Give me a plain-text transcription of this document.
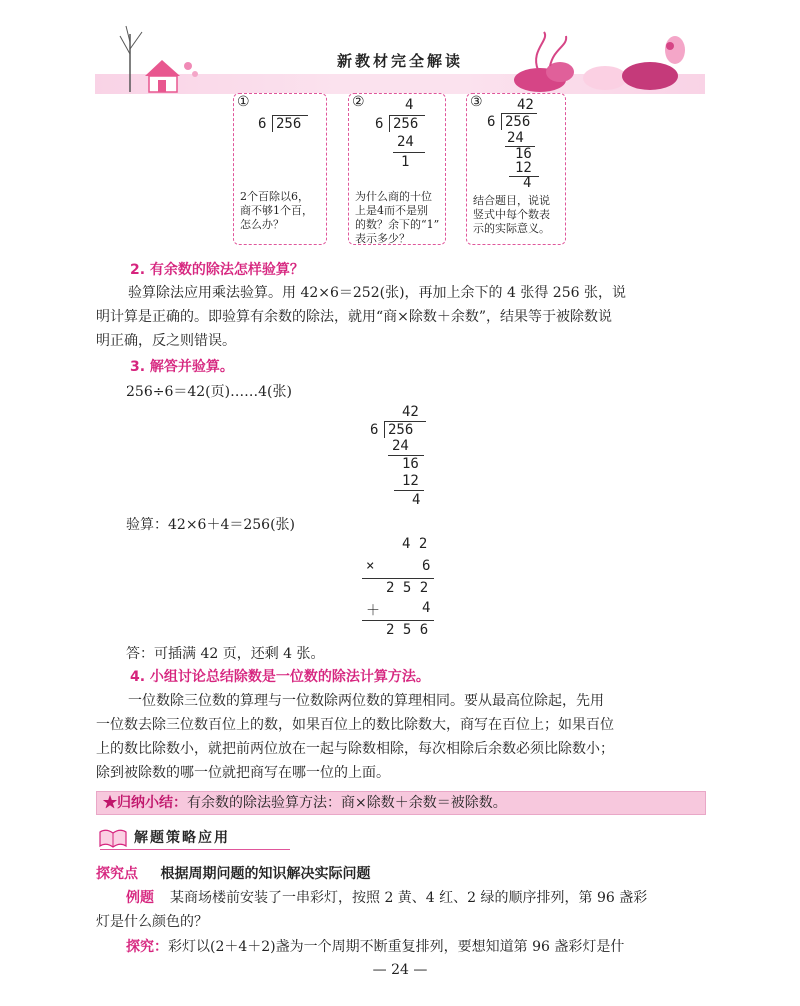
新教材完全解读
①
6 256
2个百除以6，
商不够1个百，
怎么办？
②	4
6 256
24
1
为什么商的十位
上是4而不是别
的数？余下的“1”
表示多少？
③ 42
6 256
24
16
12
4
结合题目，说说
竖式中每个数表
示的实际意义。
2. 有余数的除法怎样验算？
验算除法应用乘法验算。用 42×6＝252(张)，再加上余下的 4 张得 256 张，说
明计算是正确的。即验算有余数的除法，就用“商×除数＋余数”，结果等于被除数说
明正确，反之则错误。
3. 解答并验算。
256÷6＝42(页)……4(张)
42
6 256
24
16
12
4
验算：42×6＋4＝256(张)
4 2
×	6
2 5 2
＋	4
2 5 6
答：可插满 42 页，还剩 4 张。
4. 小组讨论总结除数是一位数的除法计算方法。
一位数除三位数的算理与一位数除两位数的算理相同。要从最高位除起，先用
一位数去除三位数百位上的数，如果百位上的数比除数大，商写在百位上；如果百位
上的数比除数小，就把前两位放在一起与除数相除，每次相除后余数必须比除数小；
除到被除数的哪一位就把商写在哪一位的上面。
★归纳小结：有余数的除法验算方法：商×除数＋余数＝被除数。
解题策略应用
探究点 根据周期问题的知识解决实际问题
例题 某商场楼前安装了一串彩灯，按照 2 黄、4 红、2 绿的顺序排列，第 96 盏彩
灯是什么颜色的？
探究：彩灯以(2＋4＋2)盏为一个周期不断重复排列，要想知道第 96 盏彩灯是什
— 24 —
